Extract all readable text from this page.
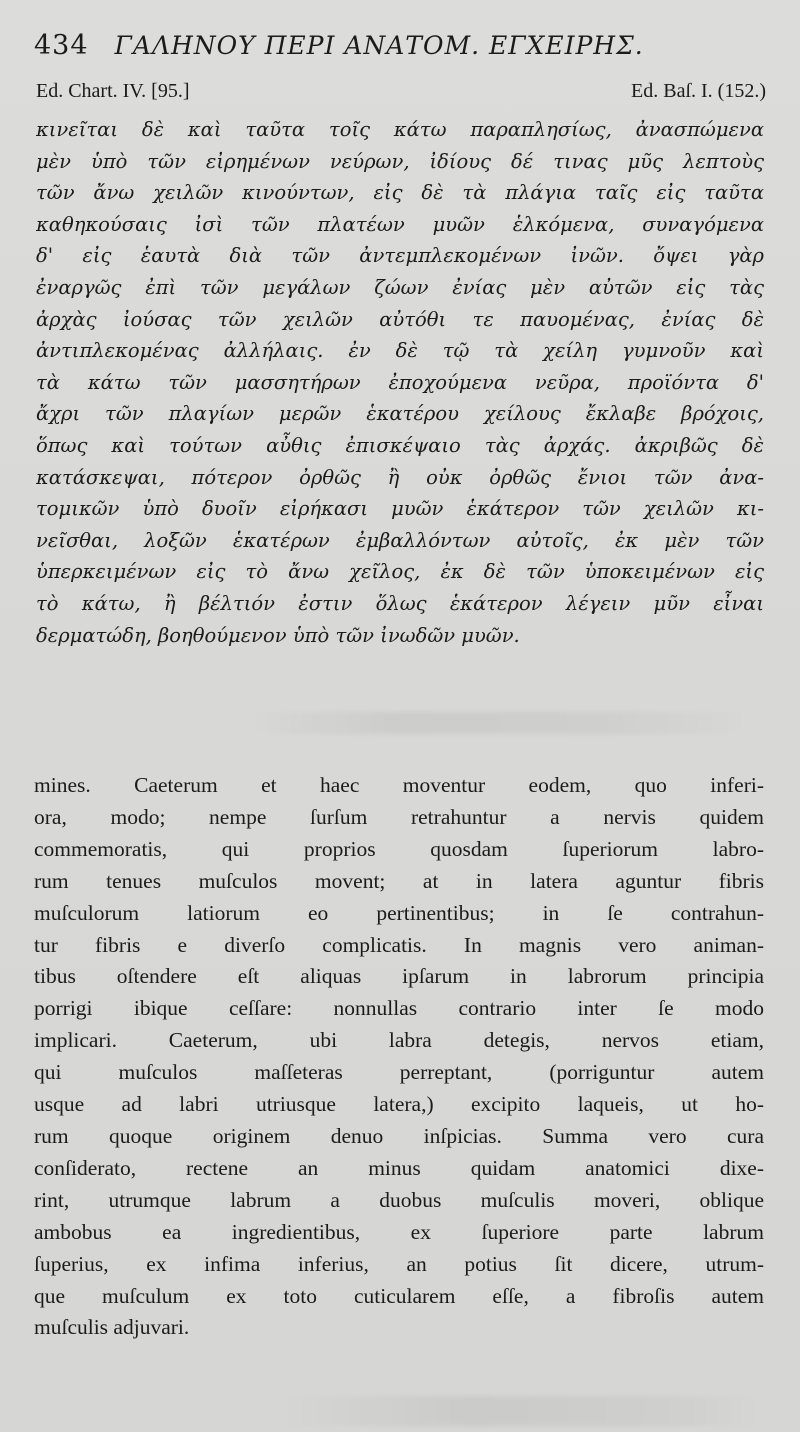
434 ΓΑΛΗΝΟΥ ΠΕΡΙ ΑΝΑΤΟΜ. ΕΓΧΕΙΡΗΣ.
Ed. Chart. IV. [95.]	Ed. Baſ. I. (152.)
κινεῖται δὲ καὶ ταῦτα τοῖς κάτω παραπλησίως, ἀνασπώμενα
μὲν ὑπὸ τῶν εἰρημένων νεύρων, ἰδίους δέ τινας μῦς λεπτοὺς
τῶν ἄνω χειλῶν κινούντων, εἰς δὲ τὰ πλάγια ταῖς εἰς ταῦτα
καθηκούσαις ἰσὶ τῶν πλατέων μυῶν ἑλκόμενα, συναγόμενα
δ' εἰς ἑαυτὰ διὰ τῶν ἀντεμπλεκομένων ἰνῶν. ὄψει γὰρ
ἐναργῶς ἐπὶ τῶν μεγάλων ζώων ἐνίας μὲν αὐτῶν εἰς τὰς
ἀρχὰς ἰούσας τῶν χειλῶν αὐτόθι τε παυομένας, ἐνίας δὲ
ἀντιπλεκομένας ἀλλήλαις. ἐν δὲ τῷ τὰ χείλη γυμνοῦν καὶ
τὰ κάτω τῶν μασσητήρων ἐποχούμενα νεῦρα, προϊόντα δ'
ἄχρι τῶν πλαγίων μερῶν ἑκατέρου χείλους ἔκλαβε βρόχοις,
ὅπως καὶ τούτων αὖθις ἐπισκέψαιο τὰς ἀρχάς. ἀκριβῶς δὲ
κατάσκεψαι, πότερον ὀρθῶς ἢ οὐκ ὀρθῶς ἔνιοι τῶν ἀνα-
τομικῶν ὑπὸ δυοῖν εἰρήκασι μυῶν ἑκάτερον τῶν χειλῶν κι-
νεῖσθαι, λοξῶν ἑκατέρων ἐμβαλλόντων αὐτοῖς, ἐκ μὲν τῶν
ὑπερκειμένων εἰς τὸ ἄνω χεῖλος, ἐκ δὲ τῶν ὑποκειμένων εἰς
τὸ κάτω, ἢ βέλτιόν ἐστιν ὅλως ἑκάτερον λέγειν μῦν εἶναι
δερματώδη, βοηθούμενον ὑπὸ τῶν ἰνωδῶν μυῶν.
mines. Caeterum et haec moventur eodem, quo inferi-
ora, modo; nempe ſurſum retrahuntur a nervis quidem
commemoratis, qui proprios quosdam ſuperiorum labro-
rum tenues muſculos movent; at in latera aguntur fibris
muſculorum latiorum eo pertinentibus; in ſe contrahun-
tur fibris e diverſo complicatis. In magnis vero animan-
tibus oſtendere eſt aliquas ipſarum in labrorum principia
porrigi ibique ceſſare: nonnullas contrario inter ſe modo
implicari. Caeterum, ubi labra detegis, nervos etiam,
qui muſculos maſſeteras perreptant, (porriguntur autem
usque ad labri utriusque latera,) excipito laqueis, ut ho-
rum quoque originem denuo inſpicias. Summa vero cura
conſiderato, rectene an minus quidam anatomici dixe-
rint, utrumque labrum a duobus muſculis moveri, oblique
ambobus ea ingredientibus, ex ſuperiore parte labrum
ſuperius, ex infima inferius, an potius ſit dicere, utrum-
que muſculum ex toto cuticularem eſſe, a fibroſis autem
muſculis adjuvari.
